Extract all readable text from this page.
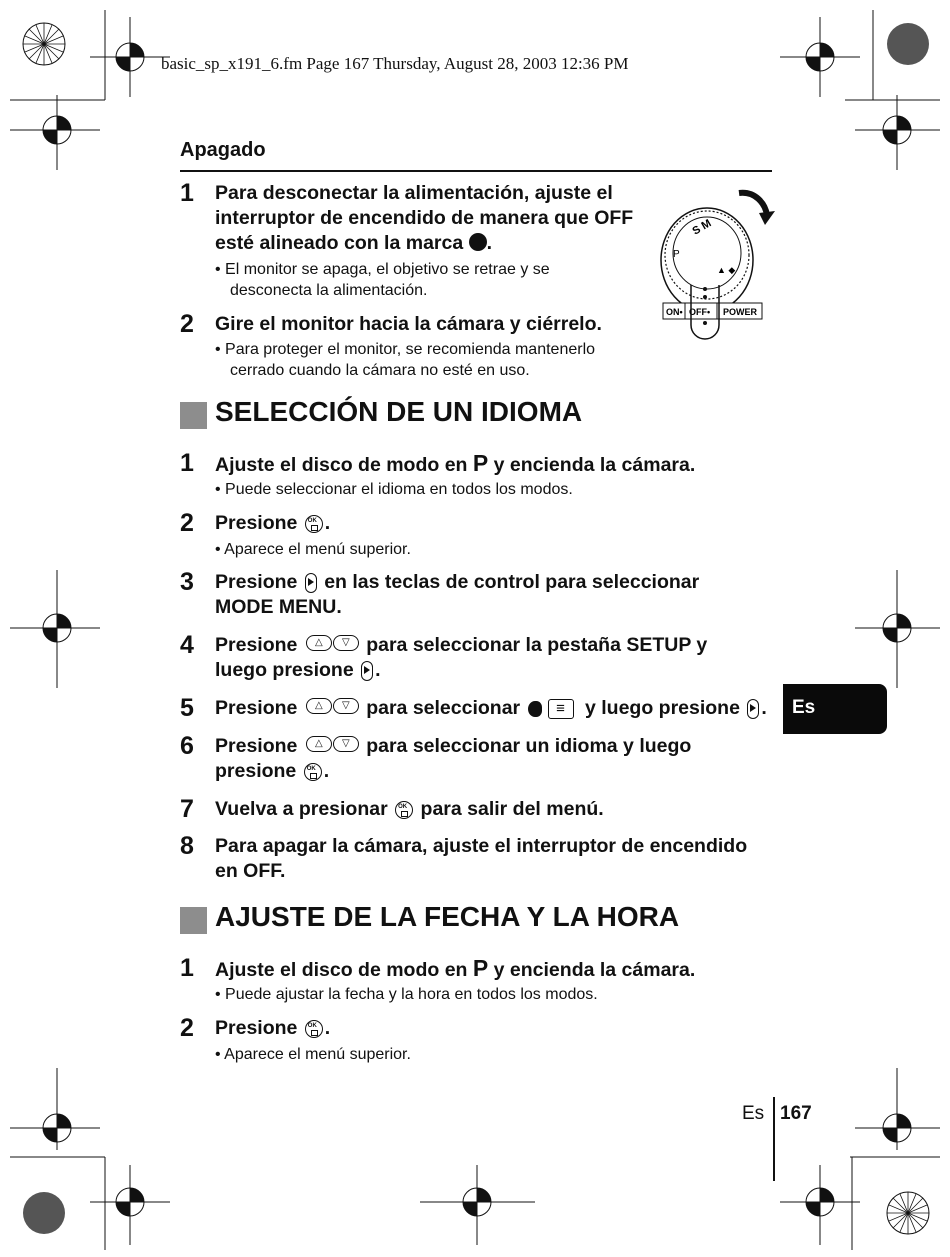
basic_sp_x191_6.fm Page 167 Thursday, August 28, 2003 12:36 PM
Apagado
1 Para desconectar la alimentación, ajuste el
interruptor de encendido de manera que OFF
esté alineado con la marca .
• El monitor se apaga, el objetivo se retrae y se
desconecta la alimentación.
2 Gire el monitor hacia la cámara y ciérrelo.
• Para proteger el monitor, se recomienda mantenerlo
cerrado cuando la cámara no esté en uso.
S M
P
▲ ◆
ON• OFF• POWER
SELECCIÓN DE UN IDIOMA
1 Ajuste el disco de modo en P y encienda la cámara.
• Puede seleccionar el idioma en todos los modos.
2 Presione OK.
• Aparece el menú superior.
3 Presione  en las teclas de control para seleccionar
MODE MENU.
4 Presione △ ▽	para seleccionar la pestaña SETUP y
luego presione .
5 Presione △ ▽	para seleccionar ≡	y luego presione .
6 Presione △ ▽	para seleccionar un idioma y luego
presione OK.
7 Vuelva a presionar OK para salir del menú.
8 Para apagar la cámara, ajuste el interruptor de encendido
en OFF.
AJUSTE DE LA FECHA Y LA HORA
1 Ajuste el disco de modo en P y encienda la cámara.
• Puede ajustar la fecha y la hora en todos los modos.
2 Presione OK.
• Aparece el menú superior.
Es
Es 167
